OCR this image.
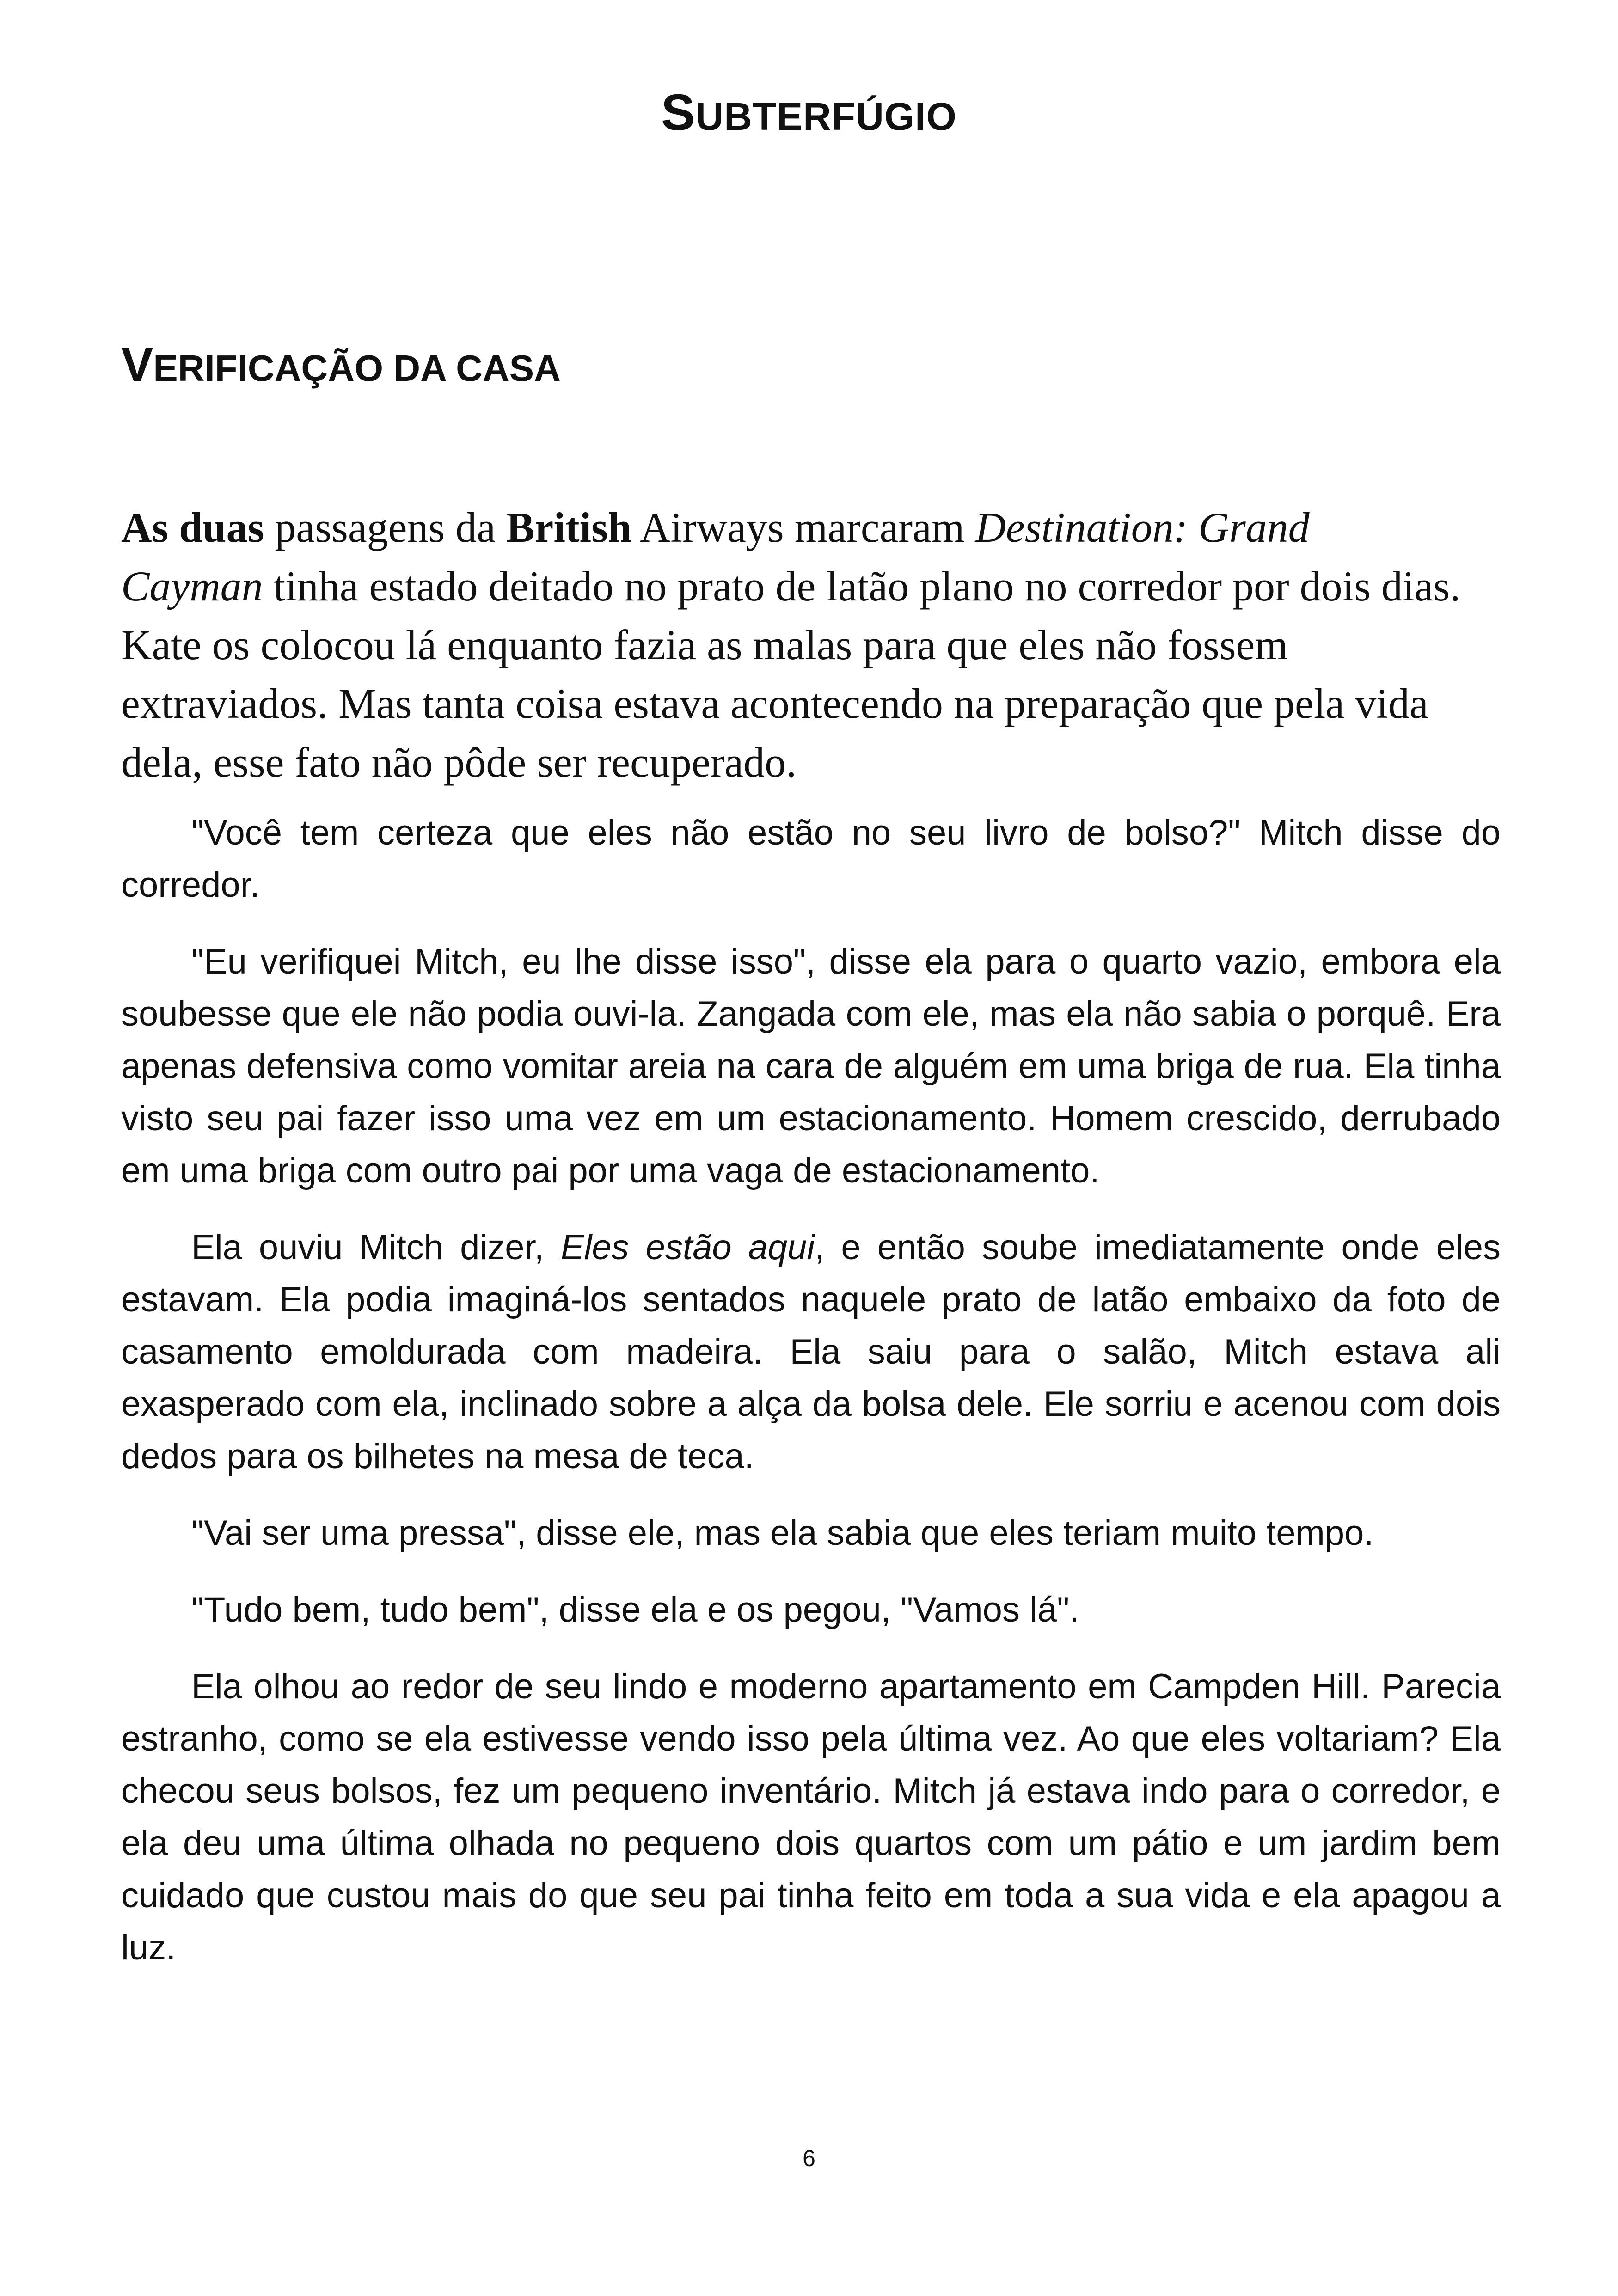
SUBTERFÚGIO
VERIFICAÇÃO DA CASA

As duas passagens da British Airways marcaram Destination: Grand Cayman tinha estado deitado no prato de latão plano no corredor por dois dias. Kate os colocou lá enquanto fazia as malas para que eles não fossem extraviados. Mas tanta coisa estava acontecendo na preparação que pela vida dela, esse fato não pôde ser recuperado.

"Você tem certeza que eles não estão no seu livro de bolso?" Mitch disse do corredor.

"Eu verifiquei Mitch, eu lhe disse isso", disse ela para o quarto vazio, embora ela soubesse que ele não podia ouvi-la. Zangada com ele, mas ela não sabia o porquê. Era apenas defensiva como vomitar areia na cara de alguém em uma briga de rua. Ela tinha visto seu pai fazer isso uma vez em um estacionamento. Homem crescido, derrubado em uma briga com outro pai por uma vaga de estacionamento.

Ela ouviu Mitch dizer, Eles estão aqui, e então soube imediatamente onde eles estavam. Ela podia imaginá-los sentados naquele prato de latão embaixo da foto de casamento emoldurada com madeira. Ela saiu para o salão, Mitch estava ali exasperado com ela, inclinado sobre a alça da bolsa dele. Ele sorriu e acenou com dois dedos para os bilhetes na mesa de teca.

"Vai ser uma pressa", disse ele, mas ela sabia que eles teriam muito tempo.

"Tudo bem, tudo bem", disse ela e os pegou, "Vamos lá".

Ela olhou ao redor de seu lindo e moderno apartamento em Campden Hill. Parecia estranho, como se ela estivesse vendo isso pela última vez. Ao que eles voltariam? Ela checou seus bolsos, fez um pequeno inventário. Mitch já estava indo para o corredor, e ela deu uma última olhada no pequeno dois quartos com um pátio e um jardim bem cuidado que custou mais do que seu pai tinha feito em toda a sua vida e ela apagou a luz.

6
